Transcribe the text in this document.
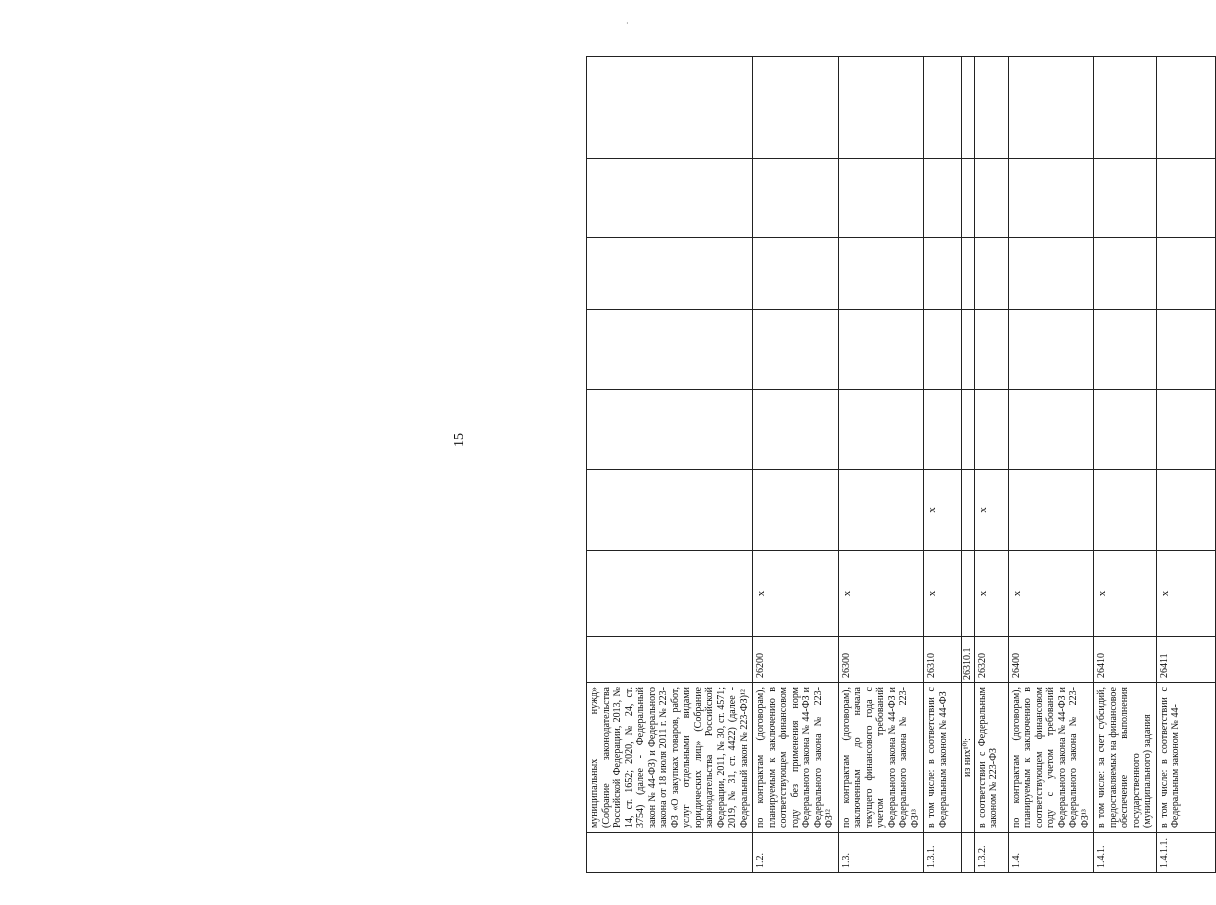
15
·
	муниципальных нужд» (Собрание законодательства Российской Федерации, 2013, № 14, ст. 1652; 2020, № 24, ст. 3754) (далее - Федеральный закон № 44-ФЗ) и Федерального закона от 18 июля 2011 г. № 223-ФЗ «О закупках товаров, работ, услуг отдельными видами юридических лиц» (Собрание законодательства Российской Федерации, 2011, № 30, ст. 4571; 2019, № 31, ст. 4422) (далее - Федеральный закон № 223-ФЗ)¹²								
1.2.	по контрактам (договорам), планируемым к заключению в соответствующем финансовом году без применения норм Федерального закона № 44-ФЗ и Федерального закона № 223-ФЗ¹²	26200	x						
1.3.	по контрактам (договорам), заключенным до начала текущего финансового года с учетом требований Федерального закона № 44-ФЗ и Федерального закона № 223-ФЗ¹³	26300	x						
1.3.1.	в том числе: в соответствии с Федеральным законом № 44-ФЗ	26310	x	x					
	из них¹⁰ˡ:	26310.1							
1.3.2.	в соответствии с Федеральным законом № 223-ФЗ	26320	x	x					
1.4.	по контрактам (договорам), планируемым к заключению в соответствующем финансовом году с учетом требований Федерального закона № 44-ФЗ и Федерального закона № 223-ФЗ¹³	26400	x						
1.4.1.	в том числе: за счет субсидий, предоставляемых на финансовое обеспечение выполнения государственного (муниципального) задания	26410	x						
1.4.1.1.	в том числе: в соответствии с Федеральным законом № 44-	26411	x						
